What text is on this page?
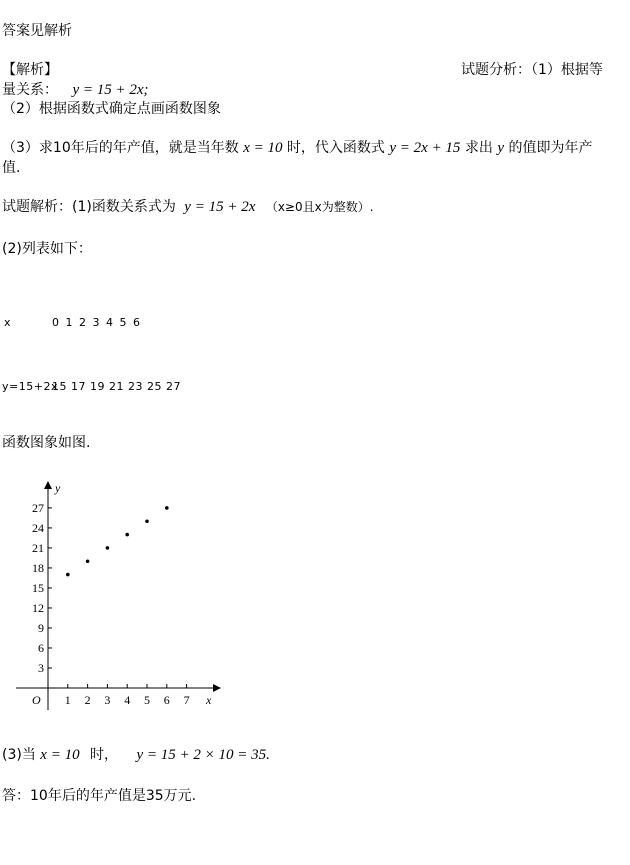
答案见解析
【解析】	试题分析：（1）根据等
量关系： y = 15 + 2x;
（2）根据函数式确定点画函数图象
（3）求10年后的年产值，就是当年数 x = 10 时，代入函数式 y = 2x + 15 求出 y 的值即为年产
值.
试题解析：(1)函数关系式为 y = 15 + 2x （x≥0且x为整数）.
(2)列表如下：
x	0 1 2 3 4 5 6
y=15+2x
15 17 19 21 23 25 27
函数图象如图.
y
x
O 1 2 3 4 5 6 7
3
6
9
12
15
18
21
24
27
(3)当 x = 10 时， y = 15 + 2 × 10 = 35.
答：10年后的年产值是35万元.
